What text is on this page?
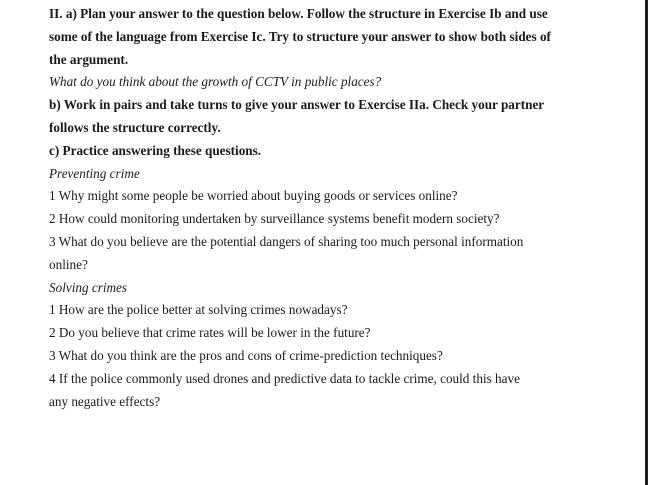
II. a) Plan your answer to the question below. Follow the structure in Exercise Ib and use
some of the language from Exercise Ic. Try to structure your answer to show both sides of
the argument.
What do you think about the growth of CCTV in public places?
b) Work in pairs and take turns to give your answer to Exercise IIa. Check your partner
follows the structure correctly.
c) Practice answering these questions.
Preventing crime
1 Why might some people be worried about buying goods or services online?
2 How could monitoring undertaken by surveillance systems benefit modern society?
3 What do you believe are the potential dangers of sharing too much personal information
online?
Solving crimes
1 How are the police better at solving crimes nowadays?
2 Do you believe that crime rates will be lower in the future?
3 What do you think are the pros and cons of crime-prediction techniques?
4 If the police commonly used drones and predictive data to tackle crime, could this have
any negative effects?
